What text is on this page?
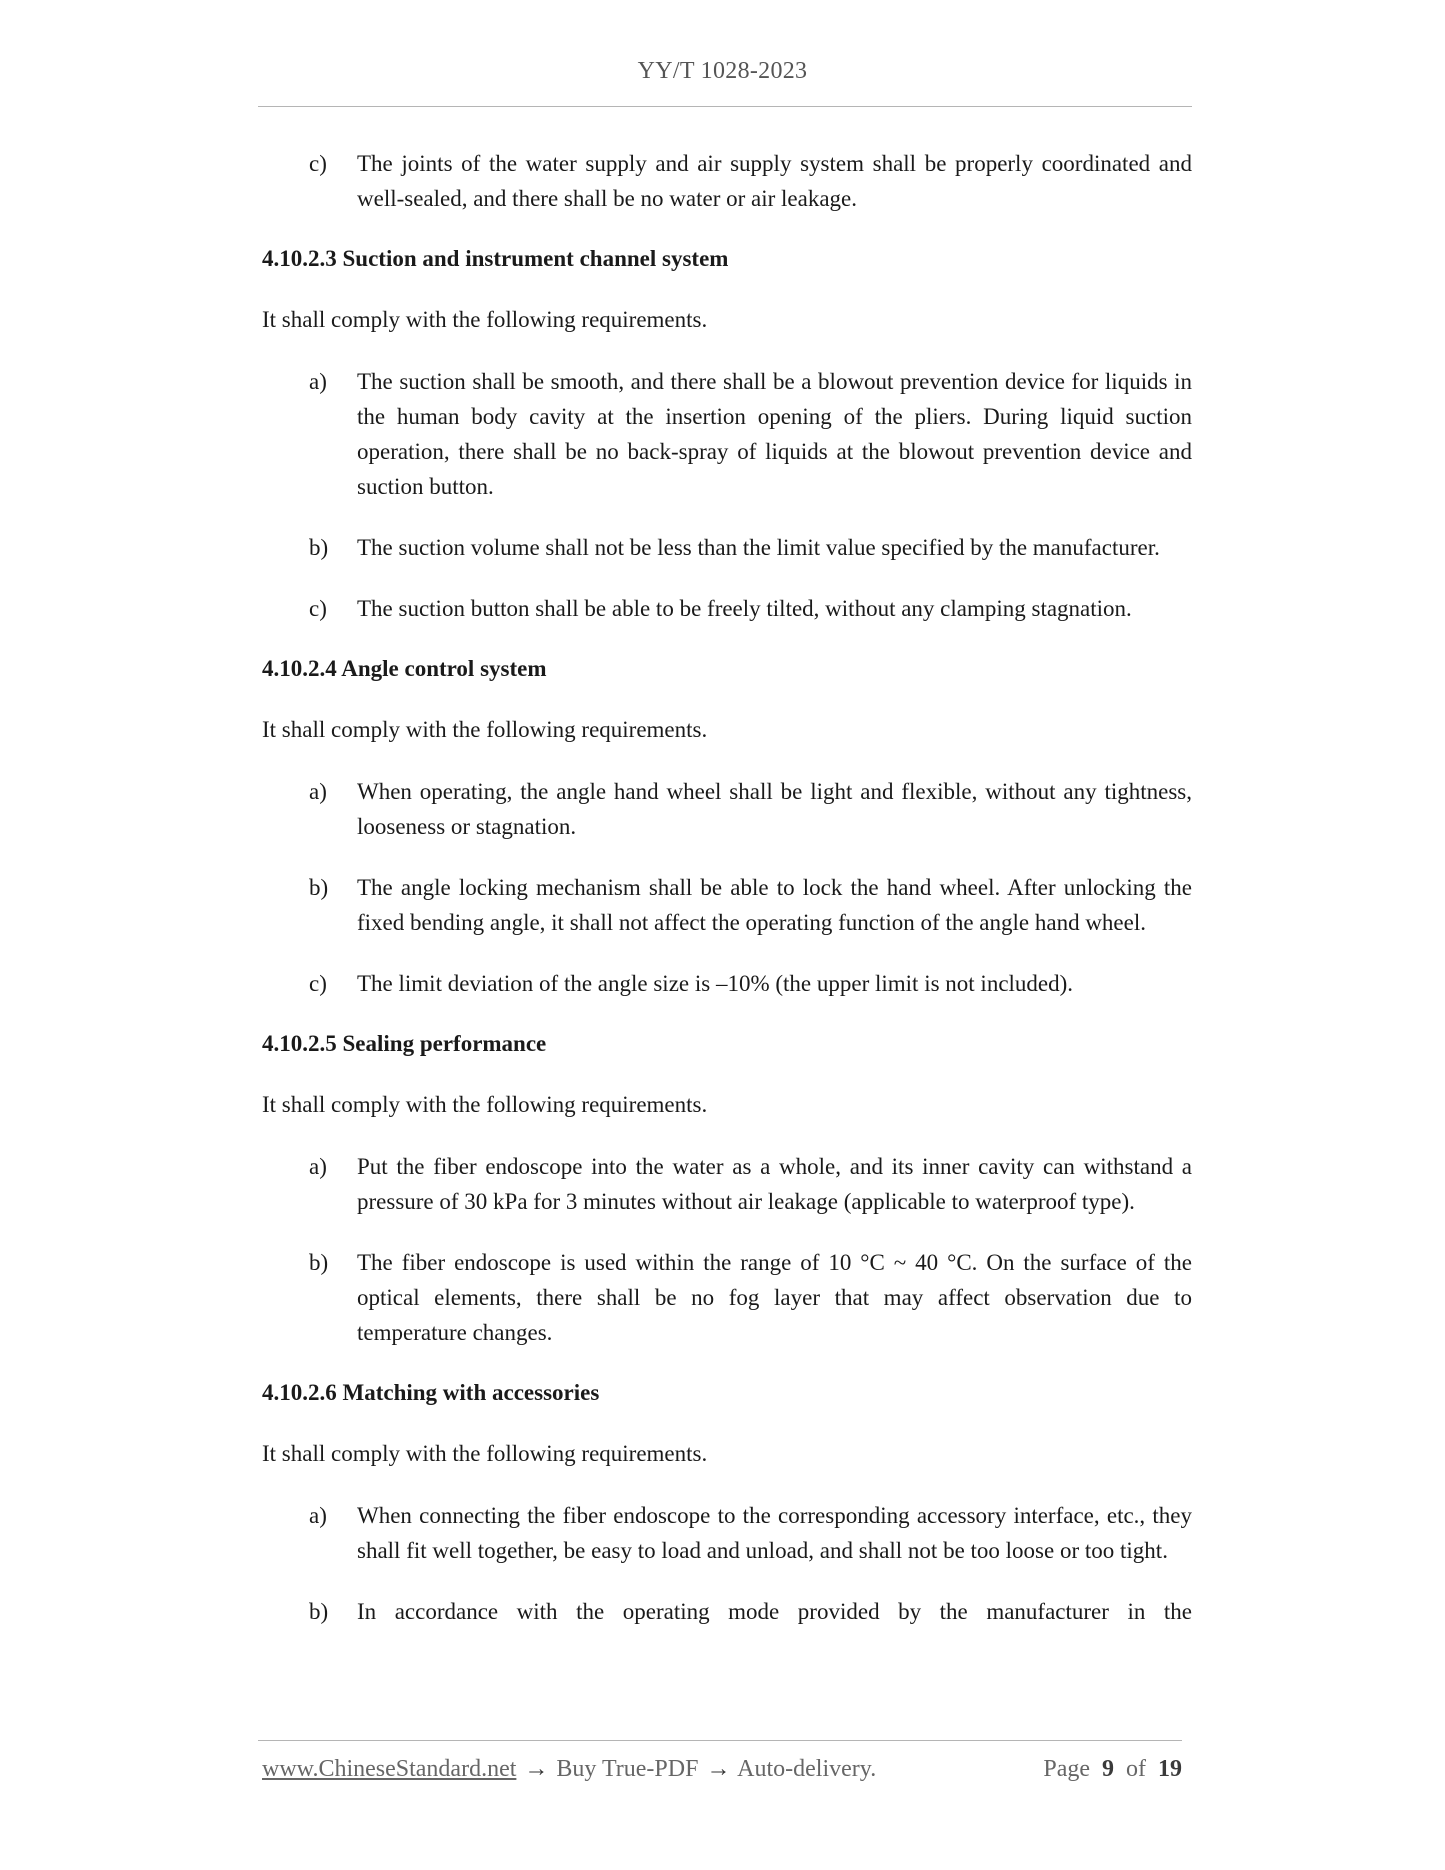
YY/T 1028-2023
c) The joints of the water supply and air supply system shall be properly coordinated and well-sealed, and there shall be no water or air leakage.
4.10.2.3 Suction and instrument channel system
It shall comply with the following requirements.
a) The suction shall be smooth, and there shall be a blowout prevention device for liquids in the human body cavity at the insertion opening of the pliers. During liquid suction operation, there shall be no back-spray of liquids at the blowout prevention device and suction button.
b) The suction volume shall not be less than the limit value specified by the manufacturer.
c) The suction button shall be able to be freely tilted, without any clamping stagnation.
4.10.2.4 Angle control system
It shall comply with the following requirements.
a) When operating, the angle hand wheel shall be light and flexible, without any tightness, looseness or stagnation.
b) The angle locking mechanism shall be able to lock the hand wheel. After unlocking the fixed bending angle, it shall not affect the operating function of the angle hand wheel.
c) The limit deviation of the angle size is –10% (the upper limit is not included).
4.10.2.5 Sealing performance
It shall comply with the following requirements.
a) Put the fiber endoscope into the water as a whole, and its inner cavity can withstand a pressure of 30 kPa for 3 minutes without air leakage (applicable to waterproof type).
b) The fiber endoscope is used within the range of 10 °C ~ 40 °C. On the surface of the optical elements, there shall be no fog layer that may affect observation due to temperature changes.
4.10.2.6 Matching with accessories
It shall comply with the following requirements.
a) When connecting the fiber endoscope to the corresponding accessory interface, etc., they shall fit well together, be easy to load and unload, and shall not be too loose or too tight.
b) In accordance with the operating mode provided by the manufacturer in the
www.ChineseStandard.net → Buy True-PDF → Auto-delivery.	Page 9 of 19
